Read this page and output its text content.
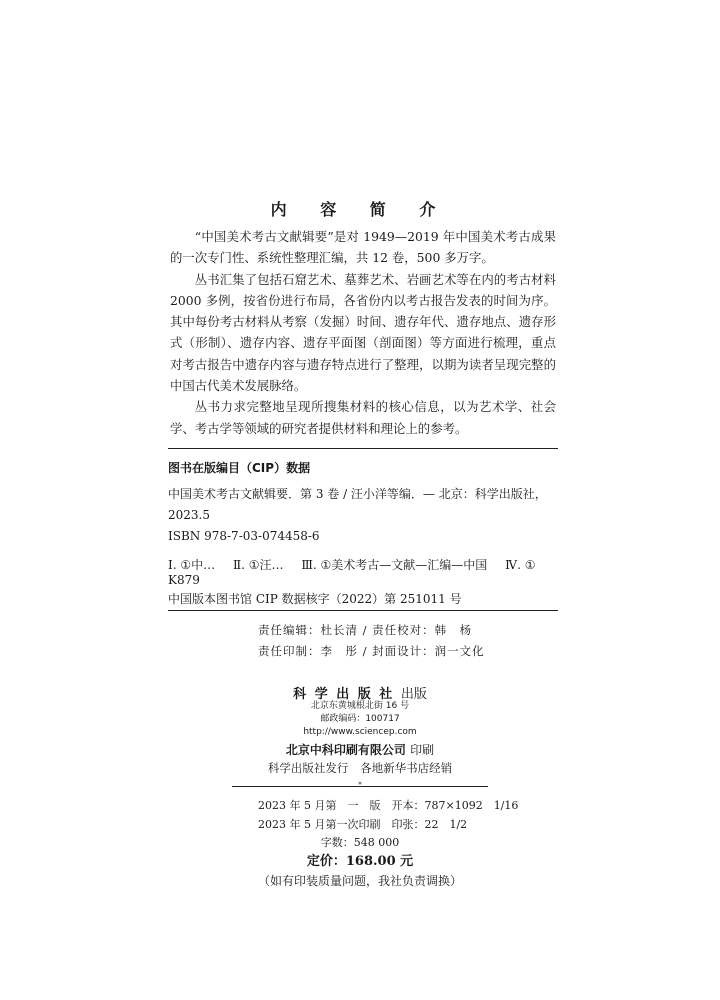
内 容 简 介

“中国美术考古文献辑要”是对 1949—2019 年中国美术考古成果的一次专门性、系统性整理汇编，共 12 卷，500 多万字。

丛书汇集了包括石窟艺术、墓葬艺术、岩画艺术等在内的考古材料 2000 多例，按省份进行布局，各省份内以考古报告发表的时间为序。其中每份考古材料从考察（发掘）时间、遗存年代、遗存地点、遗存形式（形制）、遗存内容、遗存平面图（剖面图）等方面进行梳理，重点对考古报告中遗存内容与遗存特点进行了整理，以期为读者呈现完整的中国古代美术发展脉络。

丛书力求完整地呈现所搜集材料的核心信息，以为艺术学、社会学、考古学等领域的研究者提供材料和理论上的参考。

图书在版编目（CIP）数据

中国美术考古文献辑要．第 3 卷 / 汪小洋等编．— 北京：科学出版社，

2023.5

ISBN 978-7-03-074458-6

Ⅰ. ①中… Ⅱ. ①汪… Ⅲ. ①美术考古—文献—汇编—中国 Ⅳ. ① K879
中国版本图书馆 CIP 数据核字（2022）第 251011 号
责任编辑：杜长清 / 责任校对：韩　杨
责任印制：李　彤 / 封面设计：润一文化
科 学 出 版 社 出版
北京东黄城根北街 16 号
邮政编码：100717
http://www.sciencep.com
北京中科印刷有限公司 印刷
科学出版社发行 各地新华书店经销
*

2023 年 5 月第　一　版　开本：787×1092　1/16

2023 年 5 月第一次印刷　印张：22　1/2

字数：548 000
定价：168.00 元
（如有印装质量问题，我社负责调换）
